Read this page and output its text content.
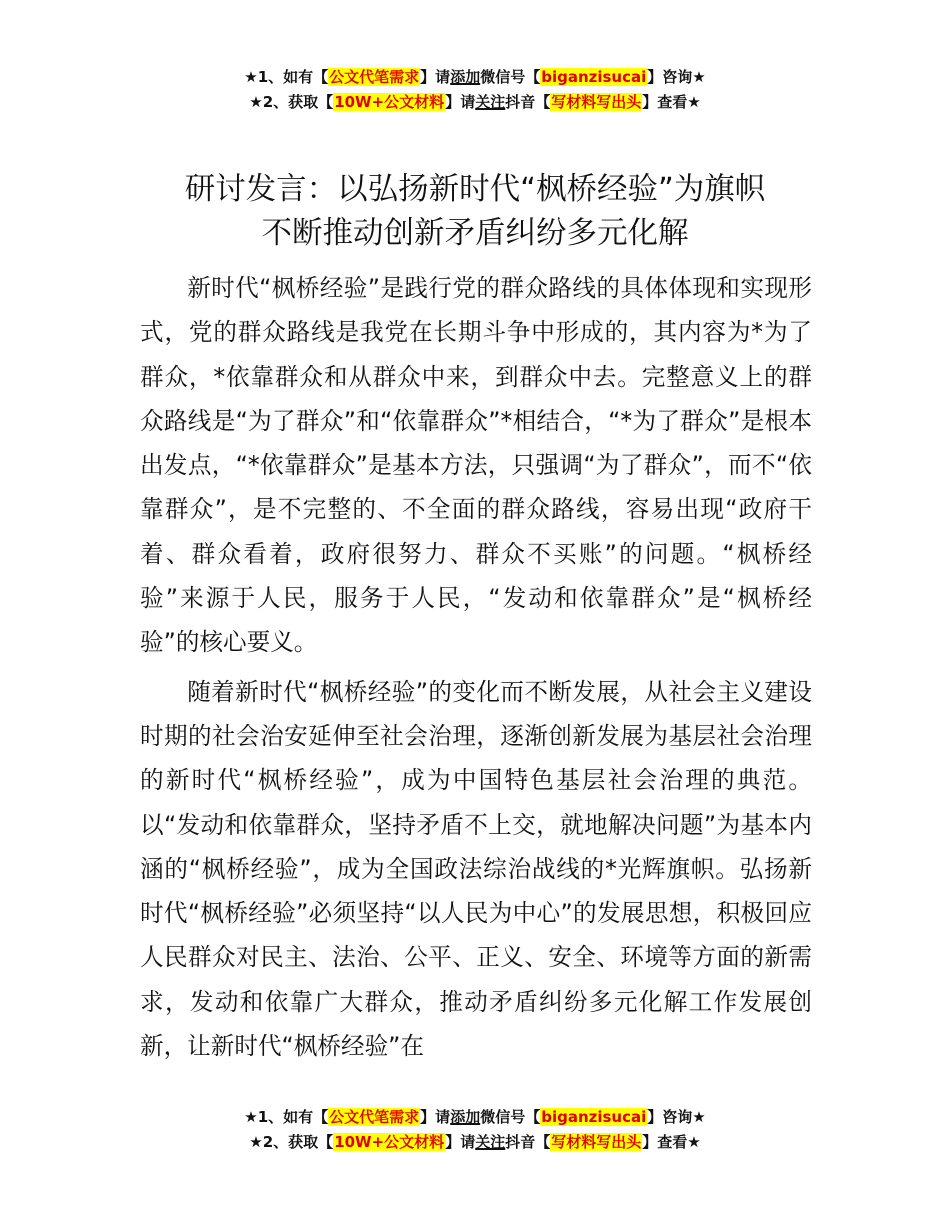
★1、如有【公文代笔需求】请添加微信号【biganzisucai】咨询★
★2、获取【10W+公文材料】请关注抖音【写材料写出头】查看★
研讨发言：以弘扬新时代“枫桥经验”为旗帜
不断推动创新矛盾纠纷多元化解

新时代“枫桥经验”是践行党的群众路线的具体体现和实现形式，党的群众路线是我党在长期斗争中形成的，其内容为*为了群众，*依靠群众和从群众中来，到群众中去。完整意义上的群众路线是“为了群众”和“依靠群众”*相结合，“*为了群众”是根本出发点，“*依靠群众”是基本方法，只强调“为了群众”，而不“依靠群众”，是不完整的、不全面的群众路线，容易出现“政府干着、群众看着，政府很努力、群众不买账”的问题。“枫桥经验”来源于人民，服务于人民，“发动和依靠群众”是“枫桥经验”的核心要义。

随着新时代“枫桥经验”的变化而不断发展，从社会主义建设时期的社会治安延伸至社会治理，逐渐创新发展为基层社会治理的新时代“枫桥经验”，成为中国特色基层社会治理的典范。以“发动和依靠群众，坚持矛盾不上交，就地解决问题”为基本内涵的“枫桥经验”，成为全国政法综治战线的*光辉旗帜。弘扬新时代“枫桥经验”必须坚持“以人民为中心”的发展思想，积极回应人民群众对民主、法治、公平、正义、安全、环境等方面的新需求，发动和依靠广大群众，推动矛盾纠纷多元化解工作发展创新，让新时代“枫桥经验”在

★1、如有【公文代笔需求】请添加微信号【biganzisucai】咨询★
★2、获取【10W+公文材料】请关注抖音【写材料写出头】查看★
